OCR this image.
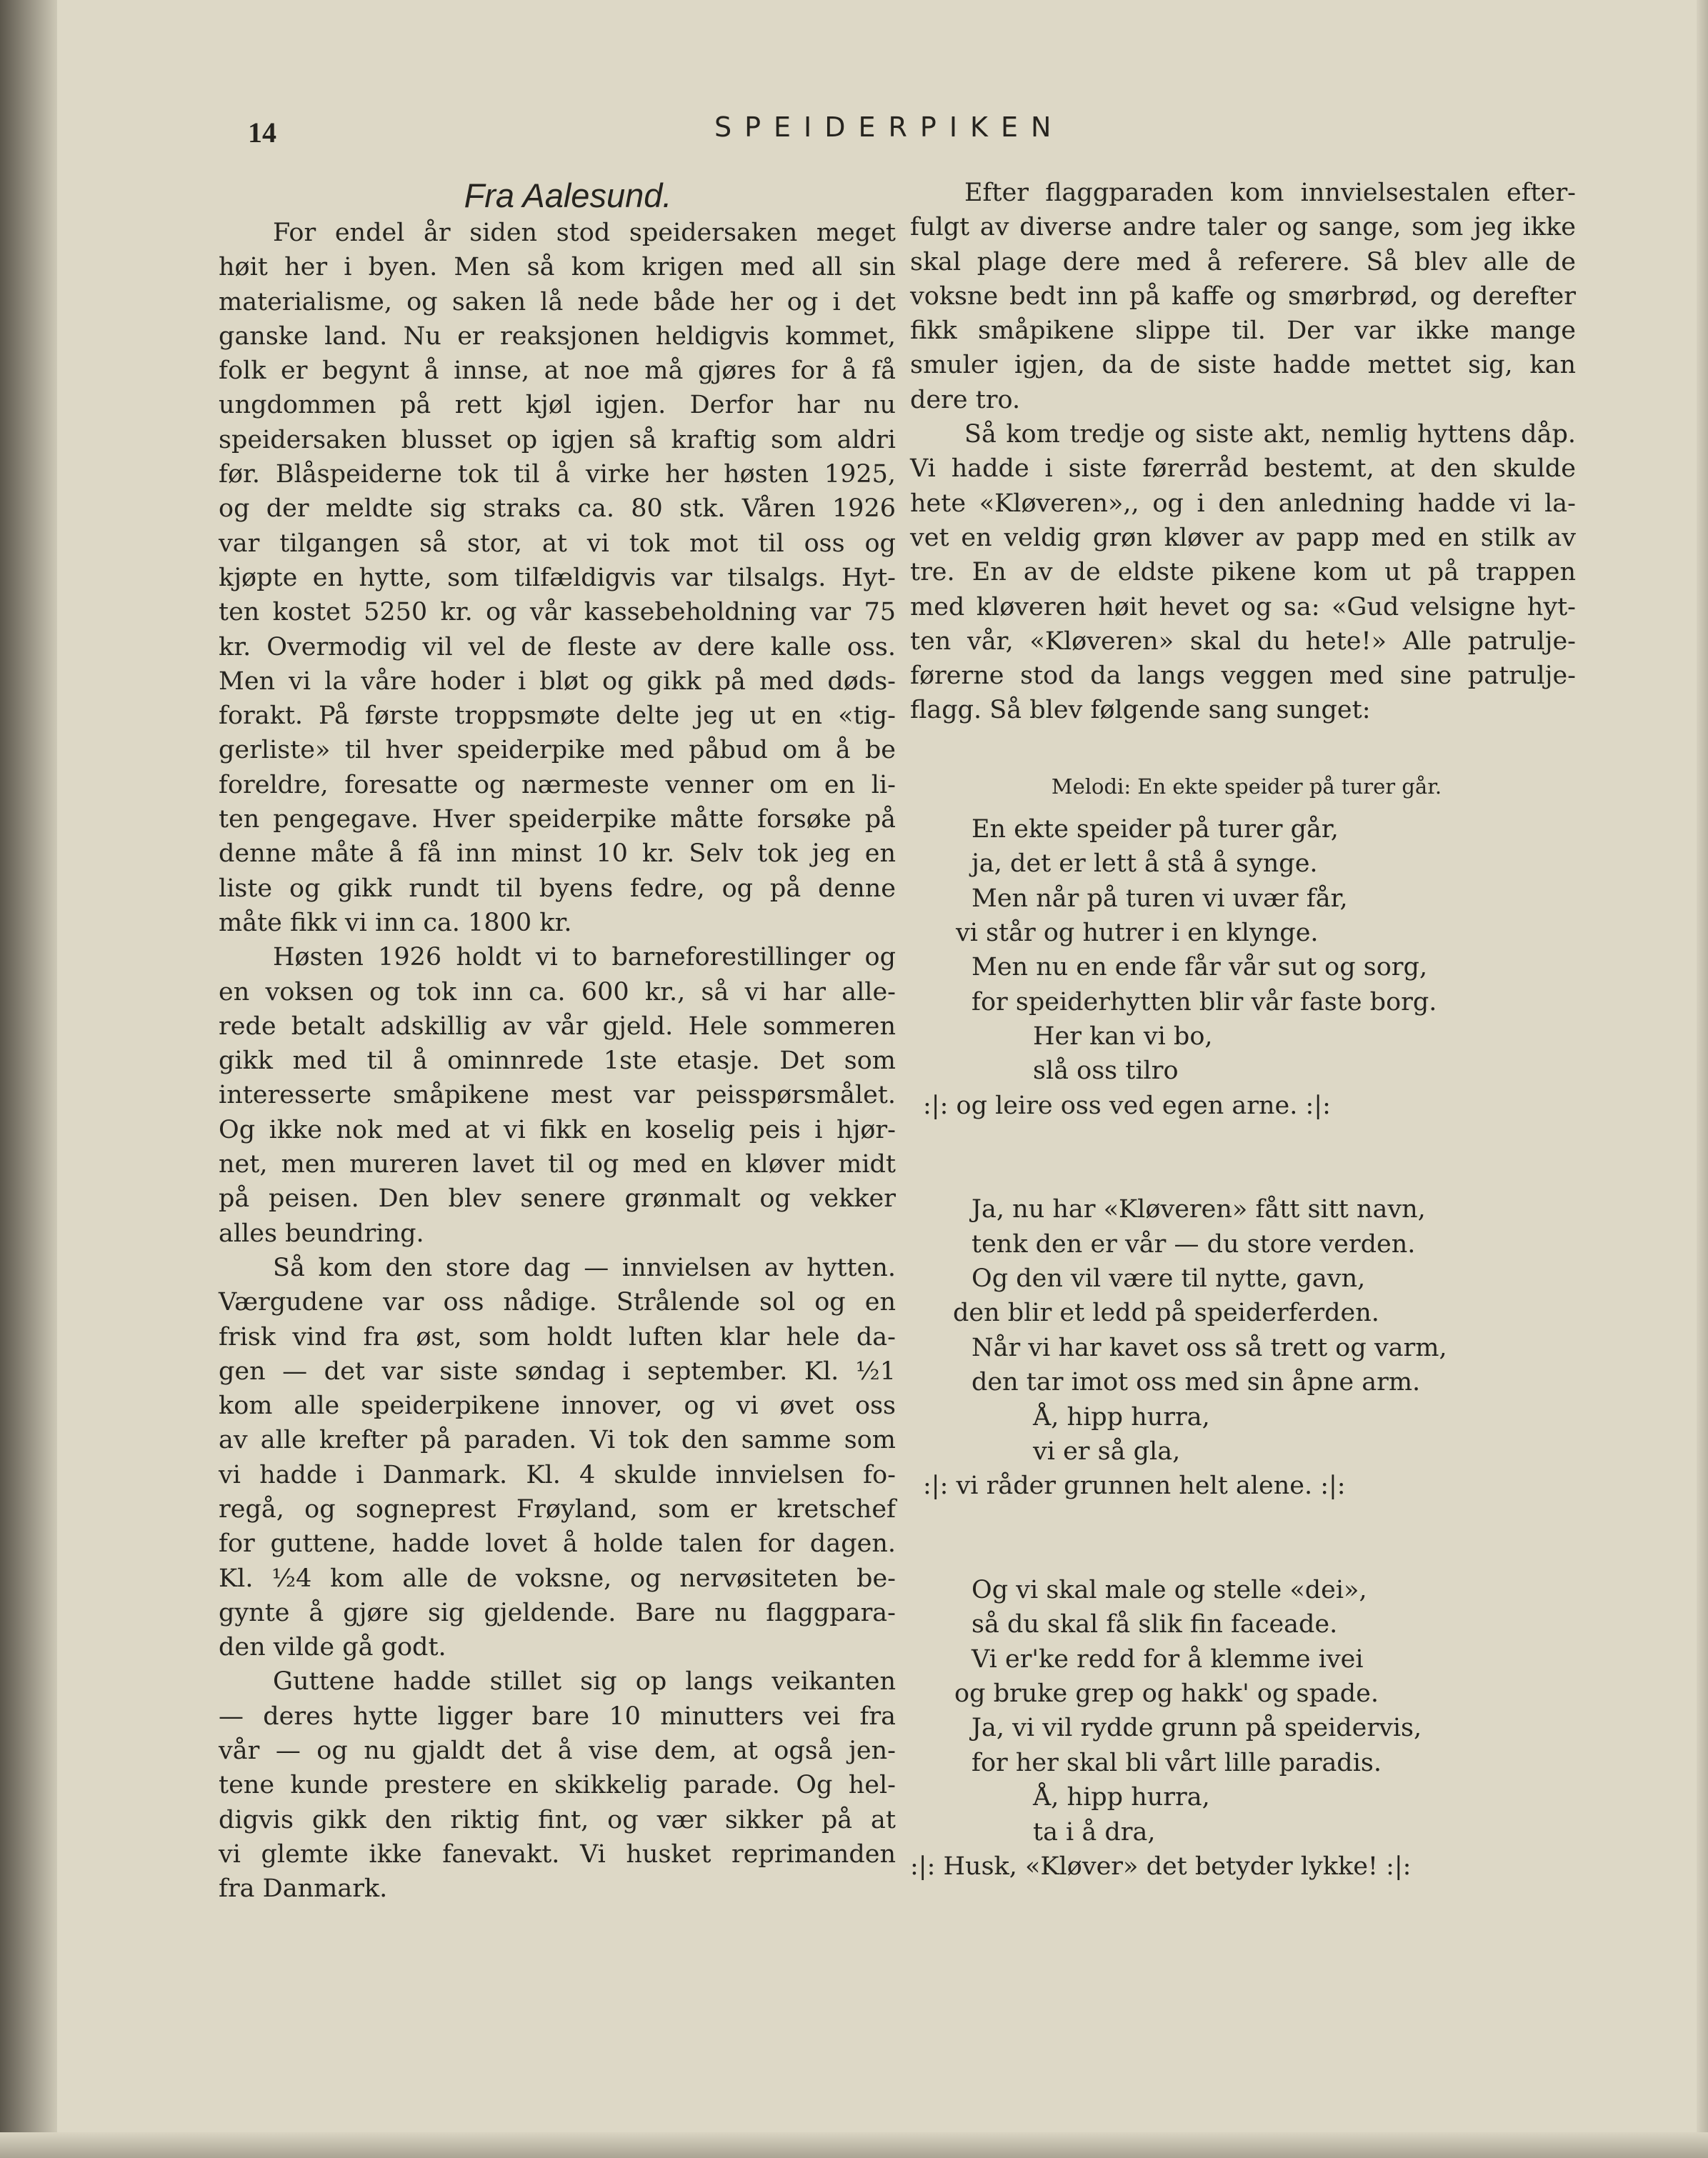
14	SPEIDERPIKEN
Fra Aalesund.
For endel år siden stod speidersaken meget
høit her i byen. Men så kom krigen med all sin
materialisme, og saken lå nede både her og i det
ganske land. Nu er reaksjonen heldigvis kommet,
folk er begynt å innse, at noe må gjøres for å få
ungdommen på rett kjøl igjen. Derfor har nu
speidersaken blusset op igjen så kraftig som aldri
før. Blåspeiderne tok til å virke her høsten 1925,
og der meldte sig straks ca. 80 stk. Våren 1926
var tilgangen så stor, at vi tok mot til oss og
kjøpte en hytte, som tilfældigvis var tilsalgs. Hyt-
ten kostet 5250 kr. og vår kassebeholdning var 75
kr. Overmodig vil vel de fleste av dere kalle oss.
Men vi la våre hoder i bløt og gikk på med døds-
forakt. På første troppsmøte delte jeg ut en «tig-
gerliste» til hver speiderpike med påbud om å be
foreldre, foresatte og nærmeste venner om en li-
ten pengegave. Hver speiderpike måtte forsøke på
denne måte å få inn minst 10 kr. Selv tok jeg en
liste og gikk rundt til byens fedre, og på denne
måte fikk vi inn ca. 1800 kr.
Høsten 1926 holdt vi to barneforestillinger og
en voksen og tok inn ca. 600 kr., så vi har alle-
rede betalt adskillig av vår gjeld. Hele sommeren
gikk med til å ominnrede 1ste etasje. Det som
interesserte småpikene mest var peisspørsmålet.
Og ikke nok med at vi fikk en koselig peis i hjør-
net, men mureren lavet til og med en kløver midt
på peisen. Den blev senere grønmalt og vekker
alles beundring.
Så kom den store dag — innvielsen av hytten.
Værgudene var oss nådige. Strålende sol og en
frisk vind fra øst, som holdt luften klar hele da-
gen — det var siste søndag i september. Kl. ½1
kom alle speiderpikene innover, og vi øvet oss
av alle krefter på paraden. Vi tok den samme som
vi hadde i Danmark. Kl. 4 skulde innvielsen fo-
regå, og sogneprest Frøyland, som er kretschef
for guttene, hadde lovet å holde talen for dagen.
Kl. ½4 kom alle de voksne, og nervøsiteten be-
gynte å gjøre sig gjeldende. Bare nu flaggpara-
den vilde gå godt.
Guttene hadde stillet sig op langs veikanten
— deres hytte ligger bare 10 minutters vei fra
vår — og nu gjaldt det å vise dem, at også jen-
tene kunde prestere en skikkelig parade. Og hel-
digvis gikk den riktig fint, og vær sikker på at
vi glemte ikke fanevakt. Vi husket reprimanden
fra Danmark.
Efter flaggparaden kom innvielsestalen efter-
fulgt av diverse andre taler og sange, som jeg ikke
skal plage dere med å referere. Så blev alle de
voksne bedt inn på kaffe og smørbrød, og derefter
fikk småpikene slippe til. Der var ikke mange
smuler igjen, da de siste hadde mettet sig, kan
dere tro.
Så kom tredje og siste akt, nemlig hyttens dåp.
Vi hadde i siste førerråd bestemt, at den skulde
hete «Kløveren»,, og i den anledning hadde vi la-
vet en veldig grøn kløver av papp med en stilk av
tre. En av de eldste pikene kom ut på trappen
med kløveren høit hevet og sa: «Gud velsigne hyt-
ten vår, «Kløveren» skal du hete!» Alle patrulje-
førerne stod da langs veggen med sine patrulje-
flagg. Så blev følgende sang sunget:
Melodi: En ekte speider på turer går.
En ekte speider på turer går,
ja, det er lett å stå å synge.
Men når på turen vi uvær får,
vi står og hutrer i en klynge.
Men nu en ende får vår sut og sorg,
for speiderhytten blir vår faste borg.
Her kan vi bo,
slå oss tilro
:|: og leire oss ved egen arne. :|:
Ja, nu har «Kløveren» fått sitt navn,
tenk den er vår — du store verden.
Og den vil være til nytte, gavn,
den blir et ledd på speiderferden.
Når vi har kavet oss så trett og varm,
den tar imot oss med sin åpne arm.
Å, hipp hurra,
vi er så gla,
:|: vi råder grunnen helt alene. :|:
Og vi skal male og stelle «dei»,
så du skal få slik fin faceade.
Vi er'ke redd for å klemme ivei
og bruke grep og hakk' og spade.
Ja, vi vil rydde grunn på speidervis,
for her skal bli vårt lille paradis.
Å, hipp hurra,
ta i å dra,
:|: Husk, «Kløver» det betyder lykke! :|:
